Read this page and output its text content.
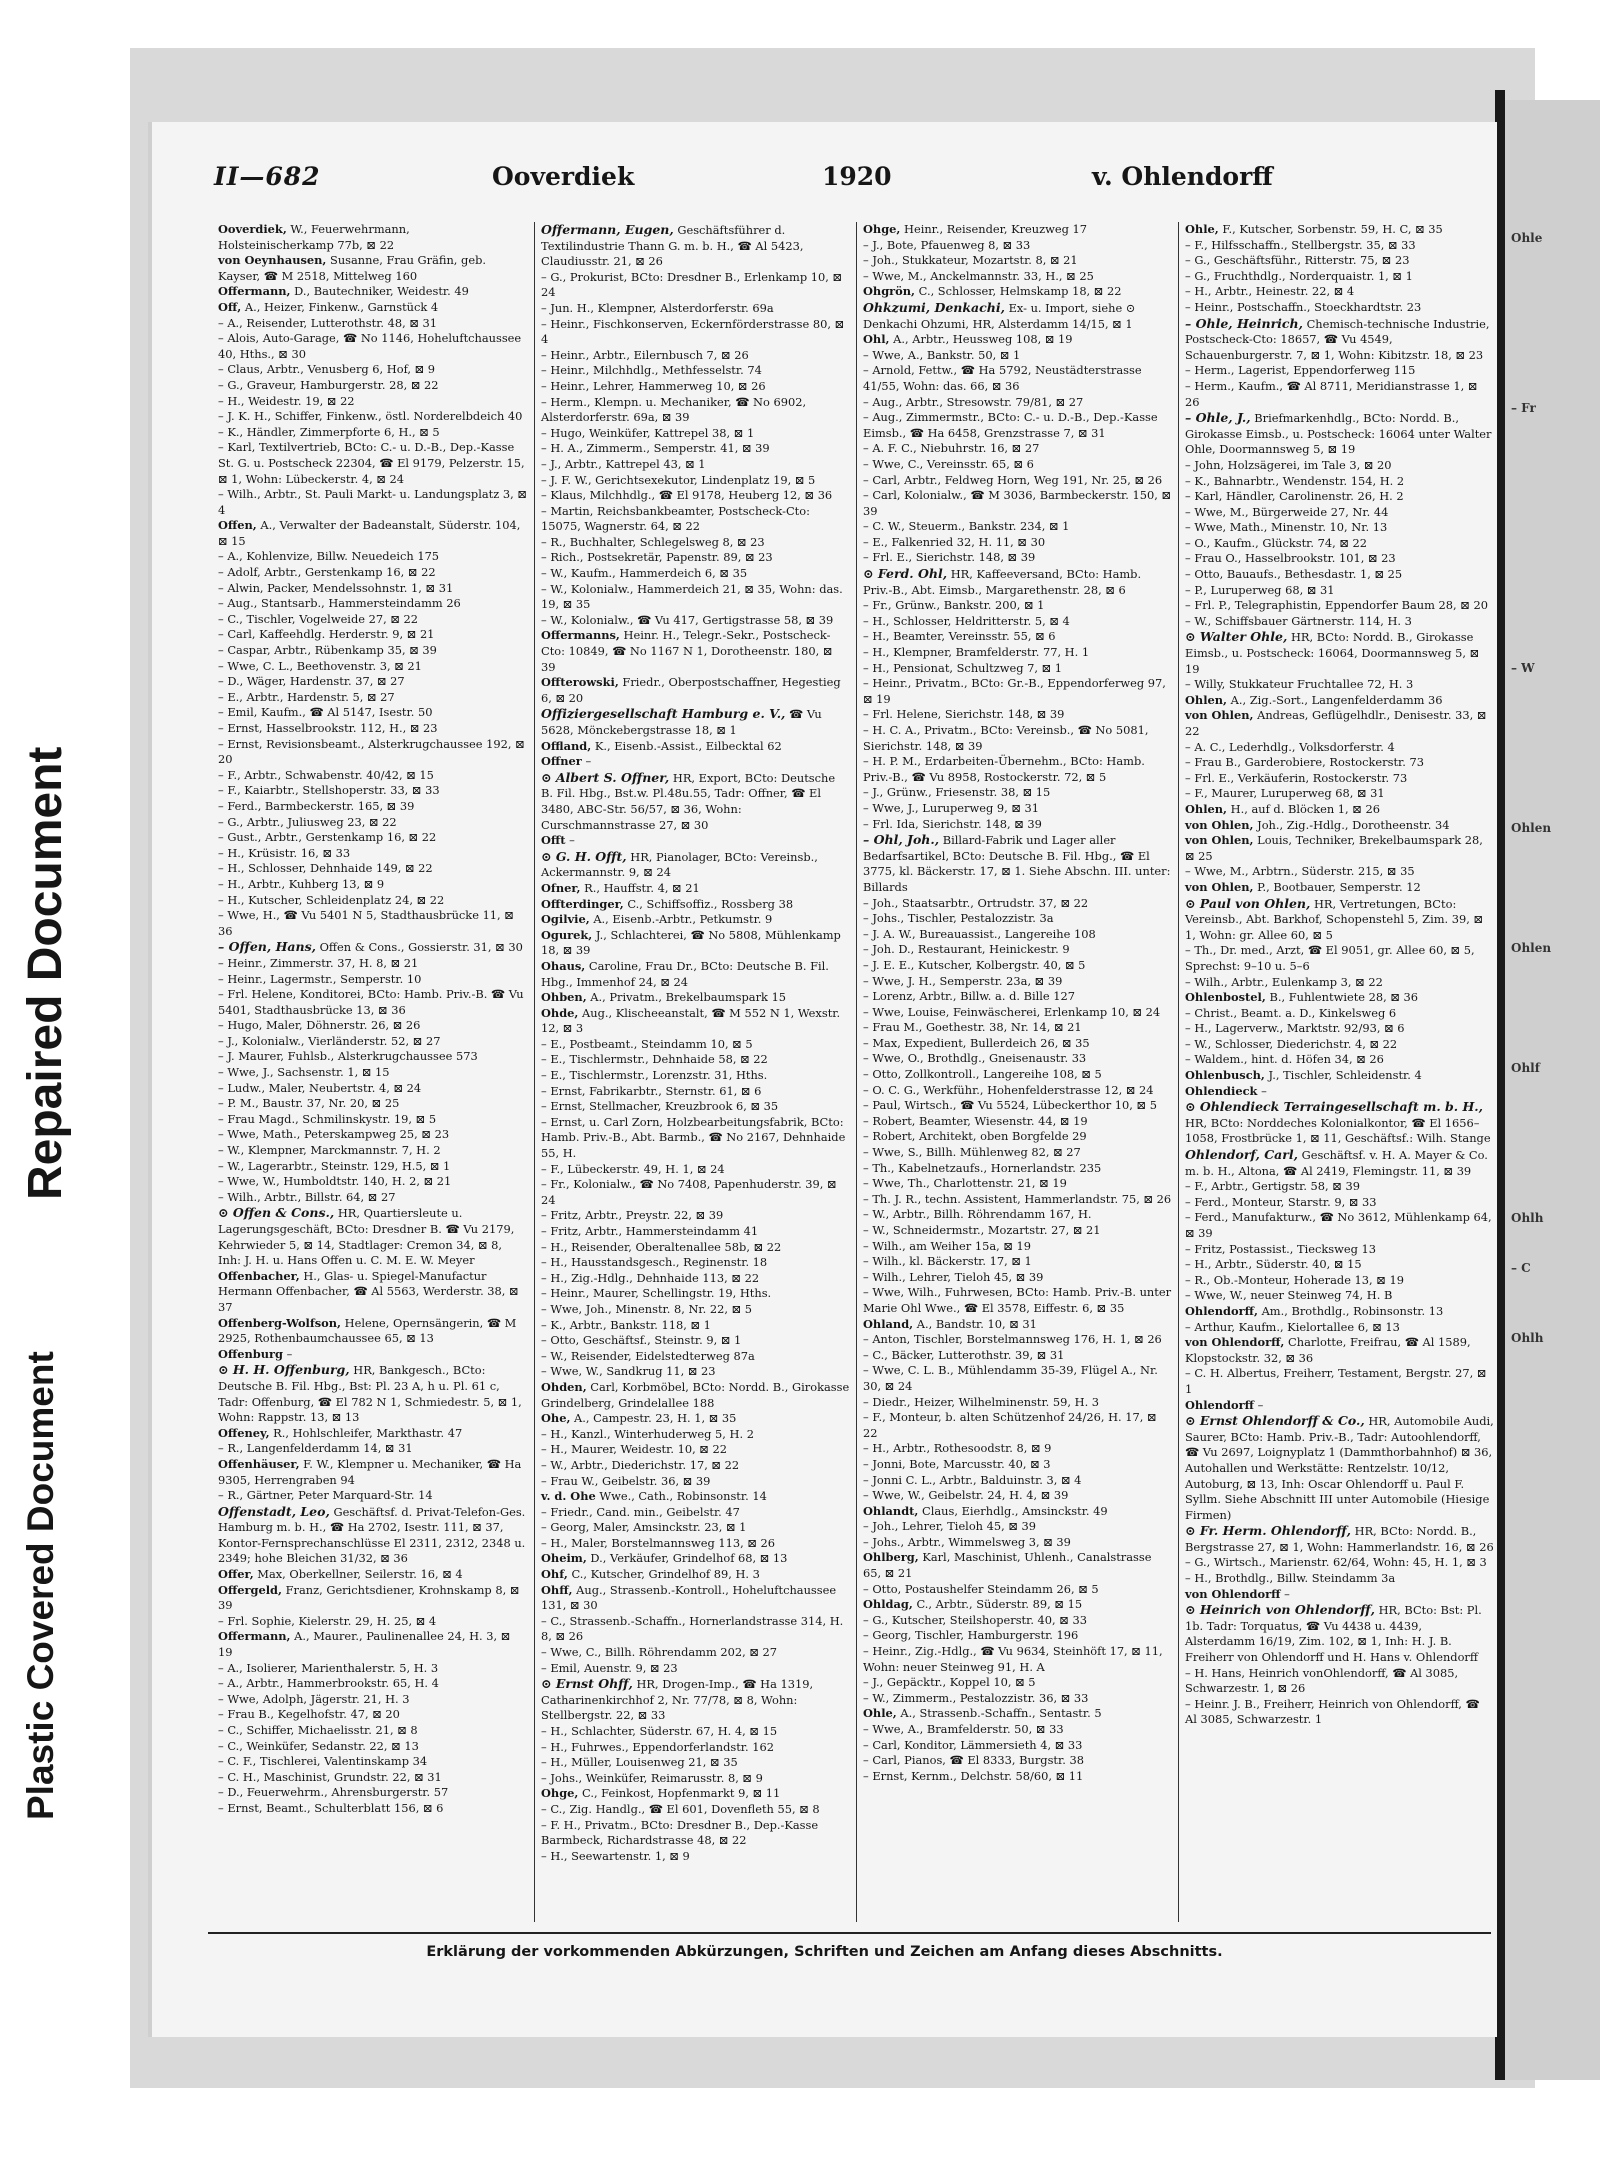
Repaired Document
Plastic Covered Document
Ohle
– Fr
– W
Ohlen
Ohlen
Ohlf
Ohlh
– C
Ohlh
II—682	Ooverdiek	1920	v. Ohlendorff
Ooverdiek, W., Feuerwehrmann, Holsteinischerkamp 77b, ⊠ 22
von Oeynhausen, Susanne, Frau Gräfin, geb. Kayser, ☎ M 2518, Mittelweg 160
Offermann, D., Bautechniker, Weidestr. 49
Off, A., Heizer, Finkenw., Garnstück 4
– A., Reisender, Lutterothstr. 48, ⊠ 31
– Alois, Auto-Garage, ☎ No 1146, Hoheluftchaussee 40, Hths., ⊠ 30
– Claus, Arbtr., Venusberg 6, Hof, ⊠ 9
– G., Graveur, Hamburgerstr. 28, ⊠ 22
– H., Weidestr. 19, ⊠ 22
– J. K. H., Schiffer, Finkenw., östl. Norderelbdeich 40
– K., Händler, Zimmerpforte 6, H., ⊠ 5
– Karl, Textilvertrieb, BCto: C.- u. D.-B., Dep.-Kasse St. G. u. Postscheck 22304, ☎ El 9179, Pelzerstr. 15, ⊠ 1, Wohn: Lübeckerstr. 4, ⊠ 24
– Wilh., Arbtr., St. Pauli Markt- u. Landungsplatz 3, ⊠ 4
Offen, A., Verwalter der Badeanstalt, Süderstr. 104, ⊠ 15
– A., Kohlenvize, Billw. Neuedeich 175
– Adolf, Arbtr., Gerstenkamp 16, ⊠ 22
– Alwin, Packer, Mendelssohnstr. 1, ⊠ 31
– Aug., Stantsarb., Hammersteindamm 26
– C., Tischler, Vogelweide 27, ⊠ 22
– Carl, Kaffeehdlg. Herderstr. 9, ⊠ 21
– Caspar, Arbtr., Rübenkamp 35, ⊠ 39
– Wwe, C. L., Beethovenstr. 3, ⊠ 21
– D., Wäger, Hardenstr. 37, ⊠ 27
– E., Arbtr., Hardenstr. 5, ⊠ 27
– Emil, Kaufm., ☎ Al 5147, Isestr. 50
– Ernst, Hasselbrookstr. 112, H., ⊠ 23
– Ernst, Revisionsbeamt., Alsterkrugchaussee 192, ⊠ 20
– F., Arbtr., Schwabenstr. 40/42, ⊠ 15
– F., Kaiarbtr., Stellshoperstr. 33, ⊠ 33
– Ferd., Barmbeckerstr. 165, ⊠ 39
– G., Arbtr., Juliusweg 23, ⊠ 22
– Gust., Arbtr., Gerstenkamp 16, ⊠ 22
– H., Krüsistr. 16, ⊠ 33
– H., Schlosser, Dehnhaide 149, ⊠ 22
– H., Arbtr., Kuhberg 13, ⊠ 9
– H., Kutscher, Schleidenplatz 24, ⊠ 22
– Wwe, H., ☎ Vu 5401 N 5, Stadthausbrücke 11, ⊠ 36
– Offen, Hans, Offen & Cons., Gossierstr. 31, ⊠ 30
– Heinr., Zimmerstr. 37, H. 8, ⊠ 21
– Heinr., Lagermstr., Semperstr. 10
– Frl. Helene, Konditorei, BCto: Hamb. Priv.-B. ☎ Vu 5401, Stadthausbrücke 13, ⊠ 36
– Hugo, Maler, Döhnerstr. 26, ⊠ 26
– J., Kolonialw., Vierländerstr. 52, ⊠ 27
– J. Maurer, Fuhlsb., Alsterkrugchaussee 573
– Wwe, J., Sachsenstr. 1, ⊠ 15
– Ludw., Maler, Neubertstr. 4, ⊠ 24
– P. M., Baustr. 37, Nr. 20, ⊠ 25
– Frau Magd., Schmilinskystr. 19, ⊠ 5
– Wwe, Math., Peterskampweg 25, ⊠ 23
– W., Klempner, Marckmannstr. 7, H. 2
– W., Lagerarbtr., Steinstr. 129, H.5, ⊠ 1
– Wwe, W., Humboldtstr. 140, H. 2, ⊠ 21
– Wilh., Arbtr., Billstr. 64, ⊠ 27
⊙ Offen & Cons., HR, Quartiersleute u. Lagerungsgeschäft, BCto: Dresdner B. ☎ Vu 2179, Kehrwieder 5, ⊠ 14, Stadtlager: Cremon 34, ⊠ 8, Inh: J. H. u. Hans Offen u. C. M. E. W. Meyer
Offenbacher, H., Glas- u. Spiegel-Manufactur Hermann Offenbacher, ☎ Al 5563, Werderstr. 38, ⊠ 37
Offenberg-Wolfson, Helene, Opernsängerin, ☎ M 2925, Rothenbaumchaussee 65, ⊠ 13
Offenburg –
⊙ H. H. Offenburg, HR, Bankgesch., BCto: Deutsche B. Fil. Hbg., Bst: Pl. 23 A, h u. Pl. 61 c, Tadr: Offenburg, ☎ El 782 N 1, Schmiedestr. 5, ⊠ 1, Wohn: Rappstr. 13, ⊠ 13
Offeney, R., Hohlschleifer, Markthastr. 47
– R., Langenfelderdamm 14, ⊠ 31
Offenhäuser, F. W., Klempner u. Mechaniker, ☎ Ha 9305, Herrengraben 94
– R., Gärtner, Peter Marquard-Str. 14
Offenstadt, Leo, Geschäftsf. d. Privat-Telefon-Ges. Hamburg m. b. H., ☎ Ha 2702, Isestr. 111, ⊠ 37, Kontor-Fernsprechanschlüsse El 2311, 2312, 2348 u. 2349; hohe Bleichen 31/32, ⊠ 36
Offer, Max, Oberkellner, Seilerstr. 16, ⊠ 4
Offergeld, Franz, Gerichtsdiener, Krohnskamp 8, ⊠ 39
– Frl. Sophie, Kielerstr. 29, H. 25, ⊠ 4
Offermann, A., Maurer., Paulinenallee 24, H. 3, ⊠ 19
– A., Isolierer, Marienthalerstr. 5, H. 3
– A., Arbtr., Hammerbrookstr. 65, H. 4
– Wwe, Adolph, Jägerstr. 21, H. 3
– Frau B., Kegelhofstr. 47, ⊠ 20
– C., Schiffer, Michaelisstr. 21, ⊠ 8
– C., Weinküfer, Sedanstr. 22, ⊠ 13
– C. F., Tischlerei, Valentinskamp 34
– C. H., Maschinist, Grundstr. 22, ⊠ 31
– D., Feuerwehrm., Ahrensburgerstr. 57
– Ernst, Beamt., Schulterblatt 156, ⊠ 6
Offermann, Eugen, Geschäftsführer d. Textilindustrie Thann G. m. b. H., ☎ Al 5423, Claudiusstr. 21, ⊠ 26
– G., Prokurist, BCto: Dresdner B., Erlenkamp 10, ⊠ 24
– Jun. H., Klempner, Alsterdorferstr. 69a
– Heinr., Fischkonserven, Eckernförderstrasse 80, ⊠ 4
– Heinr., Arbtr., Eilernbusch 7, ⊠ 26
– Heinr., Milchhdlg., Methfesselstr. 74
– Heinr., Lehrer, Hammerweg 10, ⊠ 26
– Herm., Klempn. u. Mechaniker, ☎ No 6902, Alsterdorferstr. 69a, ⊠ 39
– Hugo, Weinküfer, Kattrepel 38, ⊠ 1
– H. A., Zimmerm., Semperstr. 41, ⊠ 39
– J., Arbtr., Kattrepel 43, ⊠ 1
– J. F. W., Gerichtsexekutor, Lindenplatz 19, ⊠ 5
– Klaus, Milchhdlg., ☎ El 9178, Heuberg 12, ⊠ 36
– Martin, Reichsbankbeamter, Postscheck-Cto: 15075, Wagnerstr. 64, ⊠ 22
– R., Buchhalter, Schlegelsweg 8, ⊠ 23
– Rich., Postsekretär, Papenstr. 89, ⊠ 23
– W., Kaufm., Hammerdeich 6, ⊠ 35
– W., Kolonialw., Hammerdeich 21, ⊠ 35, Wohn: das. 19, ⊠ 35
– W., Kolonialw., ☎ Vu 417, Gertigstrasse 58, ⊠ 39
Offermanns, Heinr. H., Telegr.-Sekr., Postscheck-Cto: 10849, ☎ No 1167 N 1, Dorotheenstr. 180, ⊠ 39
Offterowski, Friedr., Oberpostschaffner, Hegestieg 6, ⊠ 20
Offiziergesellschaft Hamburg e. V., ☎ Vu 5628, Mönckebergstrasse 18, ⊠ 1
Offland, K., Eisenb.-Assist., Eilbecktal 62
Offner –
⊙ Albert S. Offner, HR, Export, BCto: Deutsche B. Fil. Hbg., Bst.w. Pl.48u.55, Tadr: Offner, ☎ El 3480, ABC-Str. 56/57, ⊠ 36, Wohn: Curschmannstrasse 27, ⊠ 30
Offt –
⊙ G. H. Offt, HR, Pianolager, BCto: Vereinsb., Ackermannstr. 9, ⊠ 24
Ofner, R., Hauffstr. 4, ⊠ 21
Offterdinger, C., Schiffsoffiz., Rossberg 38
Ogilvie, A., Eisenb.-Arbtr., Petkumstr. 9
Ogurek, J., Schlachterei, ☎ No 5808, Mühlenkamp 18, ⊠ 39
Ohaus, Caroline, Frau Dr., BCto: Deutsche B. Fil. Hbg., Immenhof 24, ⊠ 24
Ohben, A., Privatm., Brekelbaumspark 15
Ohde, Aug., Klischeeanstalt, ☎ M 552 N 1, Wexstr. 12, ⊠ 3
– E., Postbeamt., Steindamm 10, ⊠ 5
– E., Tischlermstr., Dehnhaide 58, ⊠ 22
– E., Tischlermstr., Lorenzstr. 31, Hths.
– Ernst, Fabrikarbtr., Sternstr. 61, ⊠ 6
– Ernst, Stellmacher, Kreuzbrook 6, ⊠ 35
– Ernst, u. Carl Zorn, Holzbearbeitungsfabrik, BCto: Hamb. Priv.-B., Abt. Barmb., ☎ No 2167, Dehnhaide 55, H.
– F., Lübeckerstr. 49, H. 1, ⊠ 24
– Fr., Kolonialw., ☎ No 7408, Papenhuderstr. 39, ⊠ 24
– Fritz, Arbtr., Preystr. 22, ⊠ 39
– Fritz, Arbtr., Hammersteindamm 41
– H., Reisender, Oberaltenallee 58b, ⊠ 22
– H., Hausstandsgesch., Reginenstr. 18
– H., Zig.-Hdlg., Dehnhaide 113, ⊠ 22
– Heinr., Maurer, Schellingstr. 19, Hths.
– Wwe, Joh., Minenstr. 8, Nr. 22, ⊠ 5
– K., Arbtr., Bankstr. 118, ⊠ 1
– Otto, Geschäftsf., Steinstr. 9, ⊠ 1
– W., Reisender, Eidelstedterweg 87a
– Wwe, W., Sandkrug 11, ⊠ 23
Ohden, Carl, Korbmöbel, BCto: Nordd. B., Girokasse Grindelberg, Grindelallee 188
Ohe, A., Campestr. 23, H. 1, ⊠ 35
– H., Kanzl., Winterhuderweg 5, H. 2
– H., Maurer, Weidestr. 10, ⊠ 22
– W., Arbtr., Diederichstr. 17, ⊠ 22
– Frau W., Geibelstr. 36, ⊠ 39
v. d. Ohe Wwe., Cath., Robinsonstr. 14
– Friedr., Cand. min., Geibelstr. 47
– Georg, Maler, Amsinckstr. 23, ⊠ 1
– H., Maler, Borstelmannsweg 113, ⊠ 26
Oheim, D., Verkäufer, Grindelhof 68, ⊠ 13
Ohf, C., Kutscher, Grindelhof 89, H. 3
Ohff, Aug., Strassenb.-Kontroll., Hoheluftchaussee 131, ⊠ 30
– C., Strassenb.-Schaffn., Hornerlandstrasse 314, H. 8, ⊠ 26
– Wwe, C., Billh. Röhrendamm 202, ⊠ 27
– Emil, Auenstr. 9, ⊠ 23
⊙ Ernst Ohff, HR, Drogen-Imp., ☎ Ha 1319, Catharinenkirchhof 2, Nr. 77/78, ⊠ 8, Wohn: Stellbergstr. 22, ⊠ 33
– H., Schlachter, Süderstr. 67, H. 4, ⊠ 15
– H., Fuhrwes., Eppendorferlandstr. 162
– H., Müller, Louisenweg 21, ⊠ 35
– Johs., Weinküfer, Reimarusstr. 8, ⊠ 9
Ohge, C., Feinkost, Hopfenmarkt 9, ⊠ 11
– C., Zig. Handlg., ☎ El 601, Dovenfleth 55, ⊠ 8
– F. H., Privatm., BCto: Dresdner B., Dep.-Kasse Barmbeck, Richardstrasse 48, ⊠ 22
– H., Seewartenstr. 1, ⊠ 9
Ohge, Heinr., Reisender, Kreuzweg 17
– J., Bote, Pfauenweg 8, ⊠ 33
– Joh., Stukkateur, Mozartstr. 8, ⊠ 21
– Wwe, M., Anckelmannstr. 33, H., ⊠ 25
Ohgrön, C., Schlosser, Helmskamp 18, ⊠ 22
Ohkzumi, Denkachi, Ex- u. Import, siehe ⊙ Denkachi Ohzumi, HR, Alsterdamm 14/15, ⊠ 1
Ohl, A., Arbtr., Heussweg 108, ⊠ 19
– Wwe, A., Bankstr. 50, ⊠ 1
– Arnold, Fettw., ☎ Ha 5792, Neustädterstrasse 41/55, Wohn: das. 66, ⊠ 36
– Aug., Arbtr., Stresowstr. 79/81, ⊠ 27
– Aug., Zimmermstr., BCto: C.- u. D.-B., Dep.-Kasse Eimsb., ☎ Ha 6458, Grenzstrasse 7, ⊠ 31
– A. F. C., Niebuhrstr. 16, ⊠ 27
– Wwe, C., Vereinsstr. 65, ⊠ 6
– Carl, Arbtr., Feldweg Horn, Weg 191, Nr. 25, ⊠ 26
– Carl, Kolonialw., ☎ M 3036, Barmbeckerstr. 150, ⊠ 39
– C. W., Steuerm., Bankstr. 234, ⊠ 1
– E., Falkenried 32, H. 11, ⊠ 30
– Frl. E., Sierichstr. 148, ⊠ 39
⊙ Ferd. Ohl, HR, Kaffeeversand, BCto: Hamb. Priv.-B., Abt. Eimsb., Margarethenstr. 28, ⊠ 6
– Fr., Grünw., Bankstr. 200, ⊠ 1
– H., Schlosser, Heldritterstr. 5, ⊠ 4
– H., Beamter, Vereinsstr. 55, ⊠ 6
– H., Klempner, Bramfelderstr. 77, H. 1
– H., Pensionat, Schultzweg 7, ⊠ 1
– Heinr., Privatm., BCto: Gr.-B., Eppendorferweg 97, ⊠ 19
– Frl. Helene, Sierichstr. 148, ⊠ 39
– H. C. A., Privatm., BCto: Vereinsb., ☎ No 5081, Sierichstr. 148, ⊠ 39
– H. P. M., Erdarbeiten-Übernehm., BCto: Hamb. Priv.-B., ☎ Vu 8958, Rostockerstr. 72, ⊠ 5
– J., Grünw., Friesenstr. 38, ⊠ 15
– Wwe, J., Luruperweg 9, ⊠ 31
– Frl. Ida, Sierichstr. 148, ⊠ 39
– Ohl, Joh., Billard-Fabrik und Lager aller Bedarfsartikel, BCto: Deutsche B. Fil. Hbg., ☎ El 3775, kl. Bäckerstr. 17, ⊠ 1. Siehe Abschn. III. unter: Billards
– Joh., Staatsarbtr., Ortrudstr. 37, ⊠ 22
– Johs., Tischler, Pestalozzistr. 3a
– J. A. W., Bureauassist., Langereihe 108
– Joh. D., Restaurant, Heinickestr. 9
– J. E. E., Kutscher, Kolbergstr. 40, ⊠ 5
– Wwe, J. H., Semperstr. 23a, ⊠ 39
– Lorenz, Arbtr., Billw. a. d. Bille 127
– Wwe, Louise, Feinwäscherei, Erlenkamp 10, ⊠ 24
– Frau M., Goethestr. 38, Nr. 14, ⊠ 21
– Max, Expedient, Bullerdeich 26, ⊠ 35
– Wwe, O., Brothdlg., Gneisenaustr. 33
– Otto, Zollkontroll., Langereihe 108, ⊠ 5
– O. C. G., Werkführ., Hohenfelderstrasse 12, ⊠ 24
– Paul, Wirtsch., ☎ Vu 5524, Lübeckerthor 10, ⊠ 5
– Robert, Beamter, Wiesenstr. 44, ⊠ 19
– Robert, Architekt, oben Borgfelde 29
– Wwe, S., Billh. Mühlenweg 82, ⊠ 27
– Th., Kabelnetzaufs., Hornerlandstr. 235
– Wwe, Th., Charlottenstr. 21, ⊠ 19
– Th. J. R., techn. Assistent, Hammerlandstr. 75, ⊠ 26
– W., Arbtr., Billh. Röhrendamm 167, H.
– W., Schneidermstr., Mozartstr. 27, ⊠ 21
– Wilh., am Weiher 15a, ⊠ 19
– Wilh., kl. Bäckerstr. 17, ⊠ 1
– Wilh., Lehrer, Tieloh 45, ⊠ 39
– Wwe, Wilh., Fuhrwesen, BCto: Hamb. Priv.-B. unter Marie Ohl Wwe., ☎ El 3578, Eiffestr. 6, ⊠ 35
Ohland, A., Bandstr. 10, ⊠ 31
– Anton, Tischler, Borstelmannsweg 176, H. 1, ⊠ 26
– C., Bäcker, Lutterothstr. 39, ⊠ 31
– Wwe, C. L. B., Mühlendamm 35-39, Flügel A., Nr. 30, ⊠ 24
– Diedr., Heizer, Wilhelminenstr. 59, H. 3
– F., Monteur, b. alten Schützenhof 24/26, H. 17, ⊠ 22
– H., Arbtr., Rothesoodstr. 8, ⊠ 9
– Jonni, Bote, Marcusstr. 40, ⊠ 3
– Jonni C. L., Arbtr., Balduinstr. 3, ⊠ 4
– Wwe, W., Geibelstr. 24, H. 4, ⊠ 39
Ohlandt, Claus, Eierhdlg., Amsinckstr. 49
– Joh., Lehrer, Tieloh 45, ⊠ 39
– Johs., Arbtr., Wimmelsweg 3, ⊠ 39
Ohlberg, Karl, Maschinist, Uhlenh., Canalstrasse 65, ⊠ 21
– Otto, Postaushelfer Steindamm 26, ⊠ 5
Ohldag, C., Arbtr., Süderstr. 89, ⊠ 15
– G., Kutscher, Steilshoperstr. 40, ⊠ 33
– Georg, Tischler, Hamburgerstr. 196
– Heinr., Zig.-Hdlg., ☎ Vu 9634, Steinhöft 17, ⊠ 11, Wohn: neuer Steinweg 91, H. A
– J., Gepäcktr., Koppel 10, ⊠ 5
– W., Zimmerm., Pestalozzistr. 36, ⊠ 33
Ohle, A., Strassenb.-Schaffn., Sentastr. 5
– Wwe, A., Bramfelderstr. 50, ⊠ 33
– Carl, Konditor, Lämmersieth 4, ⊠ 33
– Carl, Pianos, ☎ El 8333, Burgstr. 38
– Ernst, Kernm., Delchstr. 58/60, ⊠ 11
Ohle, F., Kutscher, Sorbenstr. 59, H. C, ⊠ 35
– F., Hilfsschaffn., Stellbergstr. 35, ⊠ 33
– G., Geschäftsführ., Ritterstr. 75, ⊠ 23
– G., Fruchthdlg., Norderquaistr. 1, ⊠ 1
– H., Arbtr., Heinestr. 22, ⊠ 4
– Heinr., Postschaffn., Stoeckhardtstr. 23
– Ohle, Heinrich, Chemisch-technische Industrie, Postscheck-Cto: 18657, ☎ Vu 4549, Schauenburgerstr. 7, ⊠ 1, Wohn: Kibitzstr. 18, ⊠ 23
– Herm., Lagerist, Eppendorferweg 115
– Herm., Kaufm., ☎ Al 8711, Meridianstrasse 1, ⊠ 26
– Ohle, J., Briefmarkenhdlg., BCto: Nordd. B., Girokasse Eimsb., u. Postscheck: 16064 unter Walter Ohle, Doormannsweg 5, ⊠ 19
– John, Holzsägerei, im Tale 3, ⊠ 20
– K., Bahnarbtr., Wendenstr. 154, H. 2
– Karl, Händler, Carolinenstr. 26, H. 2
– Wwe, M., Bürgerweide 27, Nr. 44
– Wwe, Math., Minenstr. 10, Nr. 13
– O., Kaufm., Glückstr. 74, ⊠ 22
– Frau O., Hasselbrookstr. 101, ⊠ 23
– Otto, Bauaufs., Bethesdastr. 1, ⊠ 25
– P., Luruperweg 68, ⊠ 31
– Frl. P., Telegraphistin, Eppendorfer Baum 28, ⊠ 20
– W., Schiffsbauer Gärtnerstr. 114, H. 3
⊙ Walter Ohle, HR, BCto: Nordd. B., Girokasse Eimsb., u. Postscheck: 16064, Doormannsweg 5, ⊠ 19
– Willy, Stukkateur Fruchtallee 72, H. 3
Ohlen, A., Zig.-Sort., Langenfelderdamm 36
von Ohlen, Andreas, Geflügelhdlr., Denisestr. 33, ⊠ 22
– A. C., Lederhdlg., Volksdorferstr. 4
– Frau B., Garderobiere, Rostockerstr. 73
– Frl. E., Verkäuferin, Rostockerstr. 73
– F., Maurer, Luruperweg 68, ⊠ 31
Ohlen, H., auf d. Blöcken 1, ⊠ 26
von Ohlen, Joh., Zig.-Hdlg., Dorotheenstr. 34
von Ohlen, Louis, Techniker, Brekelbaumspark 28, ⊠ 25
– Wwe, M., Arbtrn., Süderstr. 215, ⊠ 35
von Ohlen, P., Bootbauer, Semperstr. 12
⊙ Paul von Ohlen, HR, Vertretungen, BCto: Vereinsb., Abt. Barkhof, Schopenstehl 5, Zim. 39, ⊠ 1, Wohn: gr. Allee 60, ⊠ 5
– Th., Dr. med., Arzt, ☎ El 9051, gr. Allee 60, ⊠ 5, Sprechst: 9–10 u. 5–6
– Wilh., Arbtr., Eulenkamp 3, ⊠ 22
Ohlenbostel, B., Fuhlentwiete 28, ⊠ 36
– Christ., Beamt. a. D., Kinkelsweg 6
– H., Lagerverw., Marktstr. 92/93, ⊠ 6
– W., Schlosser, Diederichstr. 4, ⊠ 22
– Waldem., hint. d. Höfen 34, ⊠ 26
Ohlenbusch, J., Tischler, Schleidenstr. 4
Ohlendieck –
⊙ Ohlendieck Terraingesellschaft m. b. H., HR, BCto: Norddeches Kolonialkontor, ☎ El 1656–1058, Frostbrücke 1, ⊠ 11, Geschäftsf.: Wilh. Stange
Ohlendorf, Carl, Geschäftsf. v. H. A. Mayer & Co. m. b. H., Altona, ☎ Al 2419, Flemingstr. 11, ⊠ 39
– F., Arbtr., Gertigstr. 58, ⊠ 39
– Ferd., Monteur, Starstr. 9, ⊠ 33
– Ferd., Manufakturw., ☎ No 3612, Mühlenkamp 64, ⊠ 39
– Fritz, Postassist., Tiecksweg 13
– H., Arbtr., Süderstr. 40, ⊠ 15
– R., Ob.-Monteur, Hoherade 13, ⊠ 19
– Wwe, W., neuer Steinweg 74, H. B
Ohlendorff, Am., Brothdlg., Robinsonstr. 13
– Arthur, Kaufm., Kielortallee 6, ⊠ 13
von Ohlendorff, Charlotte, Freifrau, ☎ Al 1589, Klopstockstr. 32, ⊠ 36
– C. H. Albertus, Freiherr, Testament, Bergstr. 27, ⊠ 1
Ohlendorff –
⊙ Ernst Ohlendorff & Co., HR, Automobile Audi, Saurer, BCto: Hamb. Priv.-B., Tadr: Autoohlendorff, ☎ Vu 2697, Loignyplatz 1 (Dammthorbahnhof) ⊠ 36, Autohallen und Werkstätte: Rentzelstr. 10/12, Autoburg, ⊠ 13, Inh: Oscar Ohlendorff u. Paul F. Syllm. Siehe Abschnitt III unter Automobile (Hiesige Firmen)
⊙ Fr. Herm. Ohlendorff, HR, BCto: Nordd. B., Bergstrasse 27, ⊠ 1, Wohn: Hammerlandstr. 16, ⊠ 26
– G., Wirtsch., Marienstr. 62/64, Wohn: 45, H. 1, ⊠ 3
– H., Brothdlg., Billw. Steindamm 3a
von Ohlendorff –
⊙ Heinrich von Ohlendorff, HR, BCto: Bst: Pl. 1b. Tadr: Torquatus, ☎ Vu 4438 u. 4439, Alsterdamm 16/19, Zim. 102, ⊠ 1, Inh: H. J. B. Freiherr von Ohlendorff und H. Hans v. Ohlendorff
– H. Hans, Heinrich vonOhlendorff, ☎ Al 3085, Schwarzestr. 1, ⊠ 26
– Heinr. J. B., Freiherr, Heinrich von Ohlendorff, ☎ Al 3085, Schwarzestr. 1
Erklärung der vorkommenden Abkürzungen, Schriften und Zeichen am Anfang dieses Abschnitts.
